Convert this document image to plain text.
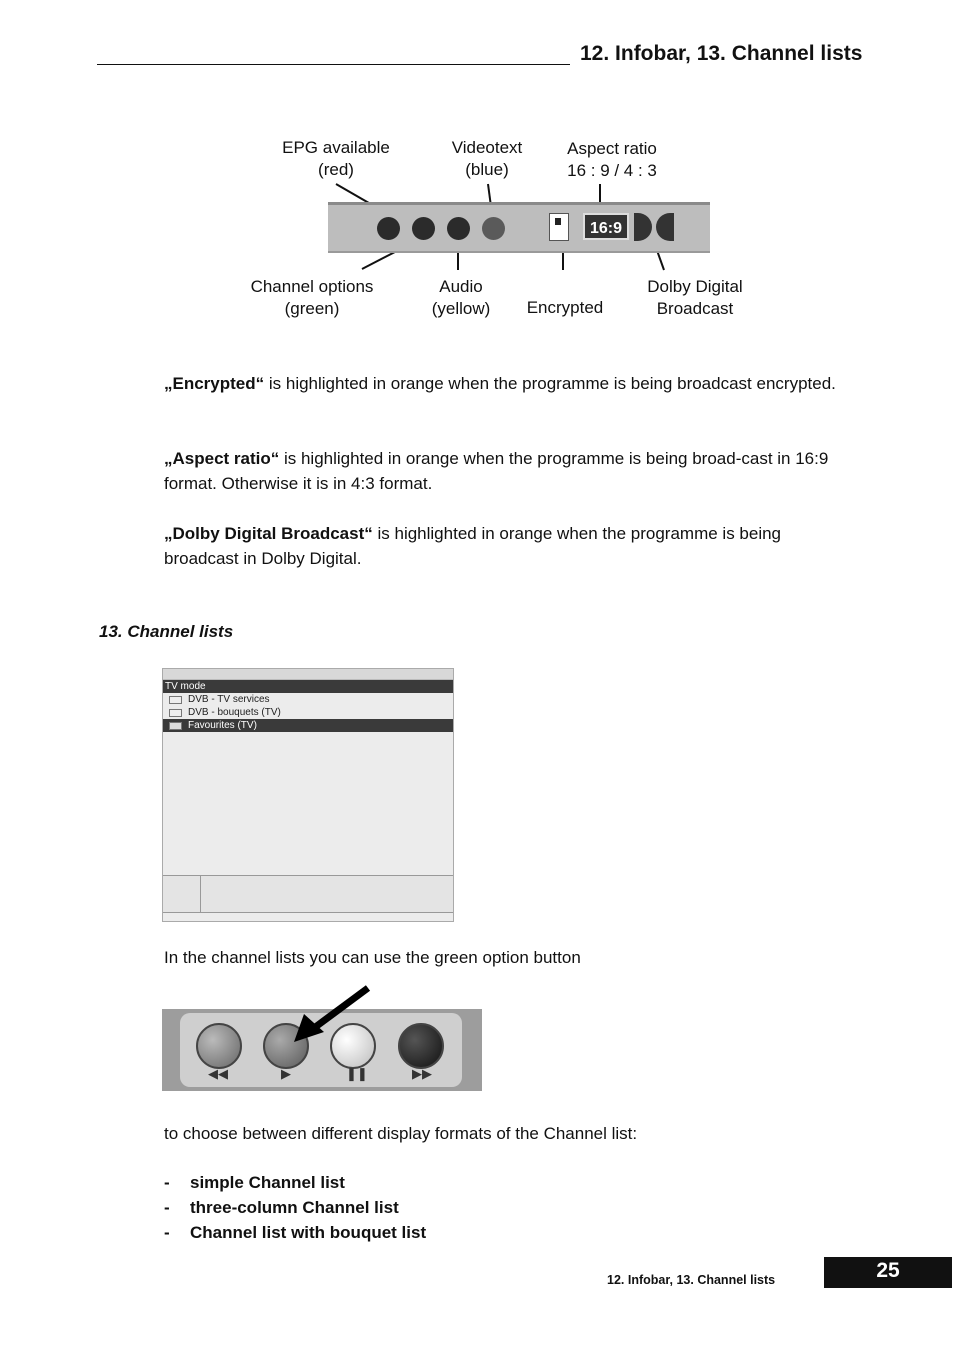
12. Infobar, 13. Channel lists
EPG available
(red)
Videotext
(blue)
Aspect ratio
16 : 9 / 4 : 3
Channel options
(green)
Audio
(yellow)	Encrypted
Dolby Digital
Broadcast
16:9
„Encrypted“ is highlighted in orange when the programme is being broadcast encrypted.
„Aspect ratio“ is highlighted in orange when the programme is being broad-cast in 16:9 format. Otherwise it is in 4:3 format.
„Dolby Digital Broadcast“ is highlighted in orange when the programme is being broadcast in Dolby Digital.
13. Channel lists
TV mode
DVB - TV services
DVB - bouquets (TV)
Favourites (TV)
In the channel lists you can use the green option button
◀◀	▶	❚❚	▶▶
to choose between different display formats of the Channel list:
-	simple Channel list
-	three-column Channel list
-	Channel list with bouquet list
12. Infobar, 13. Channel lists	25
